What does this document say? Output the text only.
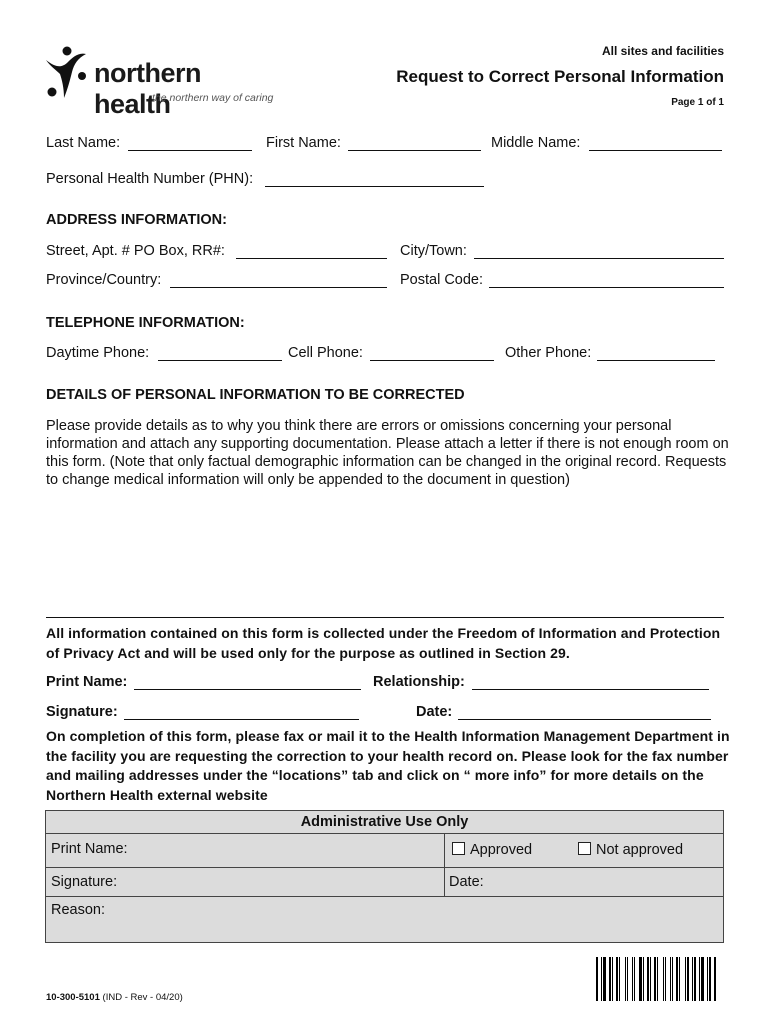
northern health
the northern way of caring
All sites and facilities
Request to Correct Personal Information
Page 1 of 1
Last Name:	First Name:	Middle Name:
Personal Health Number (PHN):
ADDRESS INFORMATION:
Street, Apt. # PO Box, RR#:	City/Town:
Province/Country:	Postal Code:
TELEPHONE INFORMATION:
Daytime Phone:	Cell Phone:	Other Phone:
DETAILS OF PERSONAL INFORMATION TO BE CORRECTED
Please provide details as to why you think there are errors or omissions concerning your personal information and attach any supporting documentation. Please attach a letter if there is not enough room on this form. (Note that only factual demographic information can be changed in the original record. Requests to change medical information will only be appended to the document in question)
All information contained on this form is collected under the Freedom of Information and Protection of Privacy Act and will be used only for the purpose as outlined in Section 29.
Print Name:	Relationship:
Signature:	Date:
On completion of this form, please fax or mail it to the Health Information Management Department in the facility you are requesting the correction to your health record on. Please look for the fax number and mailing addresses under the “locations” tab and click on “ more info” for more details on the Northern Health external website
Administrative Use Only
Print Name:	Approved	Not approved
Signature:	Date:
Reason:
10-300-5101 (IND - Rev - 04/20)
